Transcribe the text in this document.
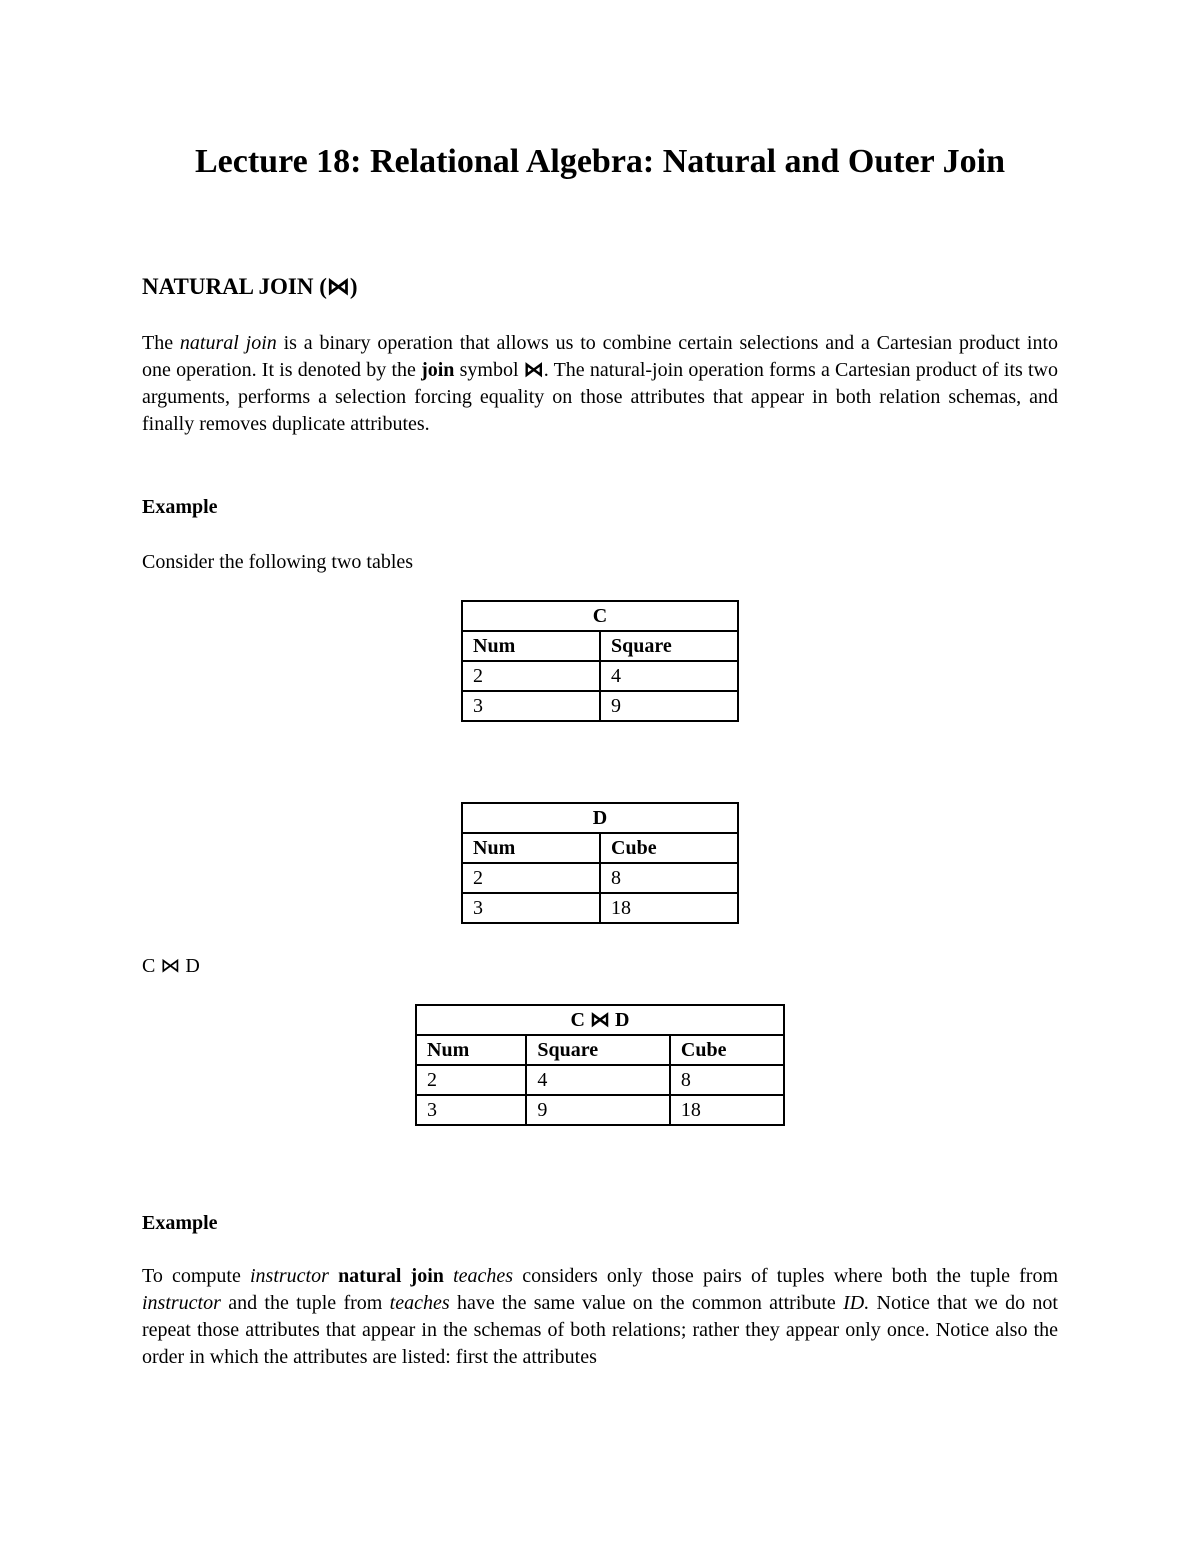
Lecture 18: Relational Algebra: Natural and Outer Join
NATURAL JOIN (⋈)

The natural join is a binary operation that allows us to combine certain selections and a Cartesian product into one operation. It is denoted by the join symbol ⋈. The natural-join operation forms a Cartesian product of its two arguments, performs a selection forcing equality on those attributes that appear in both relation schemas, and finally removes duplicate attributes.

Example

Consider the following two tables

C	
Num	Square
2	4
3	9
D	
Num	Cube
2	8
3	18

C ⋈ D

C ⋈ D		
Num	Square	Cube
2	4	8
3	9	18

Example

To compute instructor natural join teaches considers only those pairs of tuples where both the tuple from instructor and the tuple from teaches have the same value on the common attribute ID. Notice that we do not repeat those attributes that appear in the schemas of both relations; rather they appear only once. Notice also the order in which the attributes are listed: first the attributes
